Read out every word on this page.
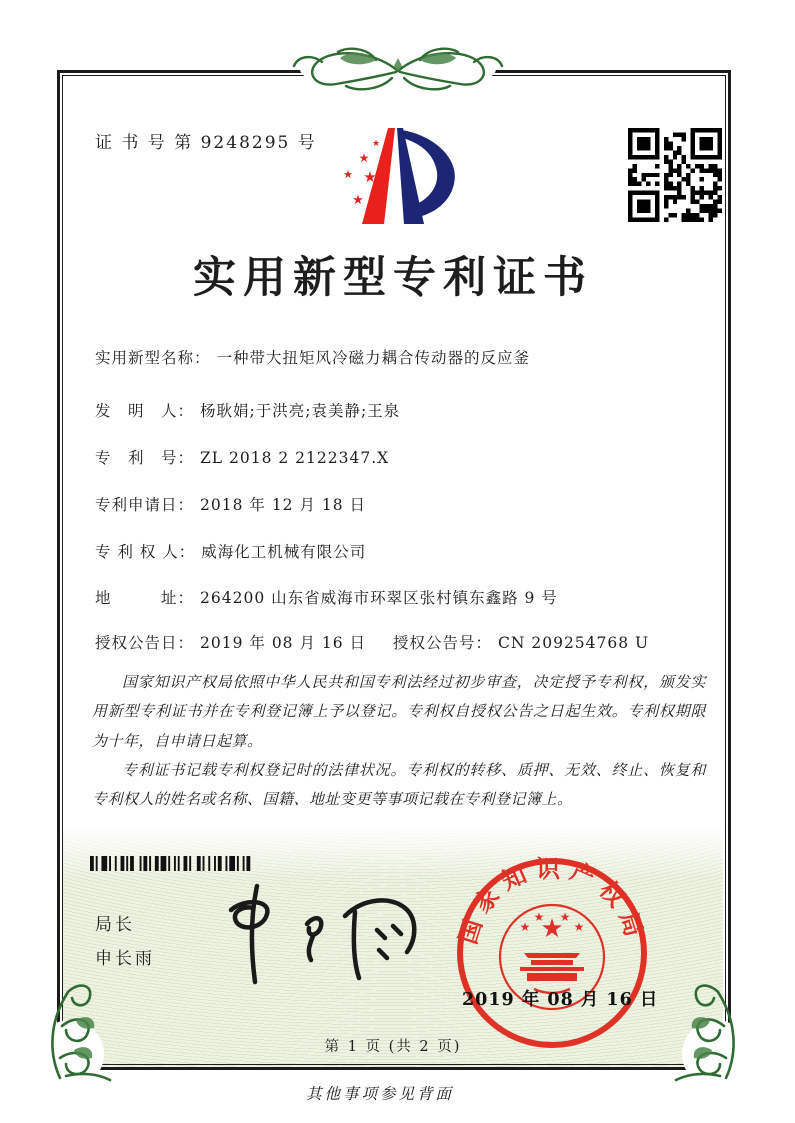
证 书 号 第 9248295 号	★
★
★ ★
★
★
实用新型专利证书
实用新型名称： 一种带大扭矩风冷磁力耦合传动器的反应釜
发　明　人： 杨耿娟;于洪亮;袁美静;王泉
专　利　号： ZL 2018 2 2122347.X
专利申请日： 2018 年 12 月 18 日
专 利 权 人： 威海化工机械有限公司
地　　　址： 264200 山东省威海市环翠区张村镇东鑫路 9 号
授权公告日： 2019 年 08 月 16 日 授权公告号： CN 209254768 U

国家知识产权局依照中华人民共和国专利法经过初步审查，决定授予专利权，颁发实用新型专利证书并在专利登记簿上予以登记。专利权自授权公告之日起生效。专利权期限为十年，自申请日起算。

专利证书记载专利权登记时的法律状况。专利权的转移、质押、无效、终止、恢复和专利权人的姓名或名称、国籍、地址变更等事项记载在专利登记簿上。

局长
申长雨
国家知识产权局
★
★
★ ★
★
2019 年 08 月 16 日
第 1 页 (共 2 页)
其他事项参见背面
